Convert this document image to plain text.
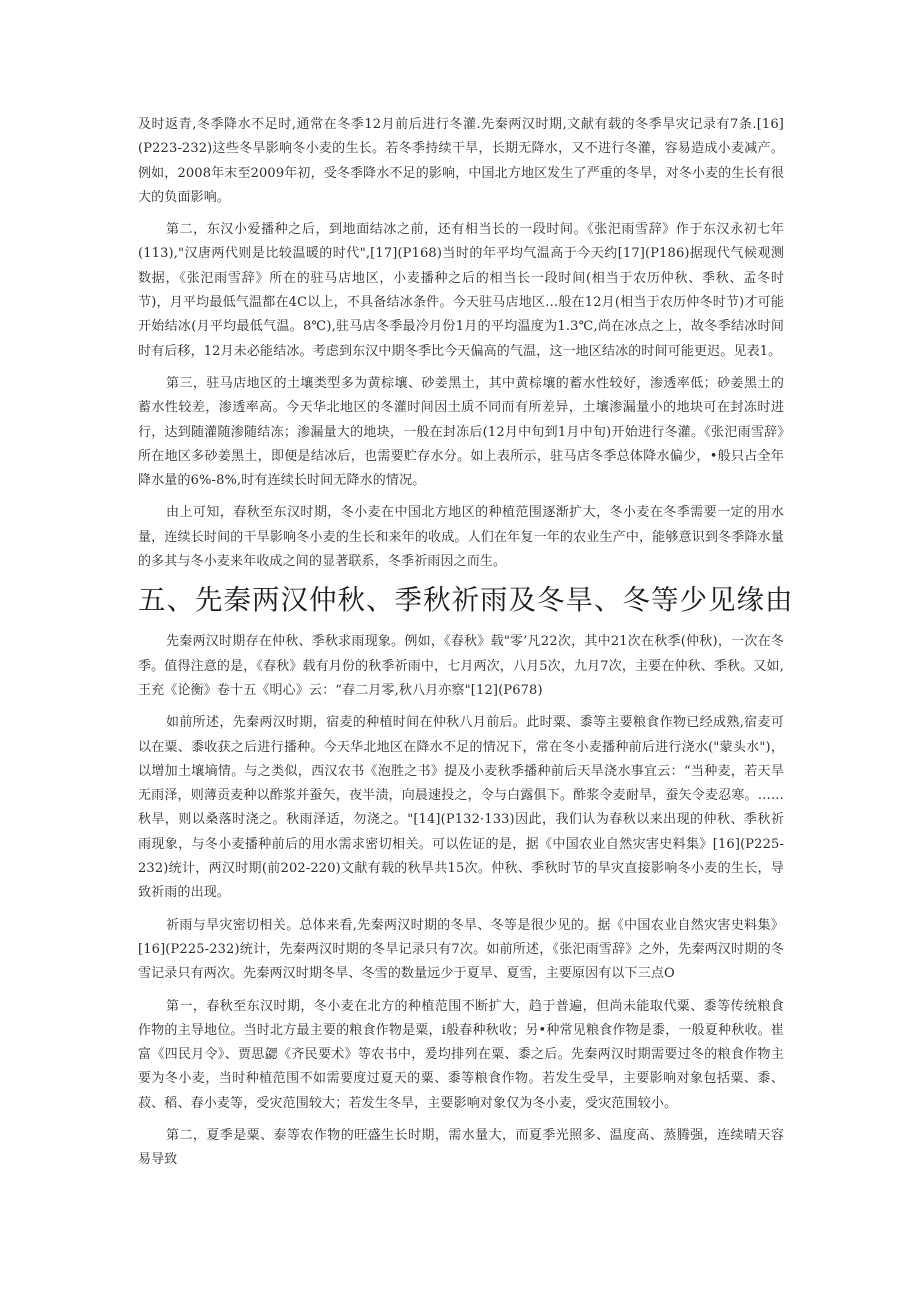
及时返青,冬季降水不足时,通常在冬季12月前后进行冬灌.先秦两汉时期,文献有载的冬季旱灾记录有7条.[16](P223-232)这些冬旱影响冬小麦的生长。若冬季持续干旱，长期无降水，又不进行冬灌，容易造成小麦减产。例如，2008年末至2009年初，受冬季降水不足的影响，中国北方地区发生了严重的冬旱，对冬小麦的生长有很大的负面影响。

第二，东汉小爱播种之后，到地面结冰之前，还有相当长的一段时间。《张汜雨雪辞》作于东汉永初七年(113),"汉唐两代则是比较温暖的时代",[17](P168)当时的年平均气温高于今天约[17](P186)据现代气候观测数据，《张汜雨雪辞》所在的驻马店地区，小麦播种之后的相当长一段时间(相当于农历仲秋、季秋、孟冬时节)，月平均最低气温都在4C以上，不具备结冰条件。今天驻马店地区…般在12月(相当于农历仲冬时节)才可能开始结冰(月平均最低气温。8℃),驻马店冬季最冷月份1月的平均温度为1.3℃,尚在冰点之上，故冬季结冰时间时有后移，12月未必能结冰。考虑到东汉中期冬季比今天偏高的气温，这一地区结冰的时间可能更迟。见表1。

第三，驻马店地区的土壤类型多为黄棕壤、砂姜黑土，其中黄棕壤的蓄水性较好，渗透率低；砂姜黑土的蓄水性较差，渗透率高。今天华北地区的冬灌时间因土质不同而有所差异，土壤渗漏量小的地块可在封冻时进行，达到随灌随渗随结冻；渗漏量大的地块，一般在封冻后(12月中旬到1月中旬)开始进行冬灌。《张汜雨雪辞》所在地区多砂姜黑土，即便是结冰后，也需要贮存水分。如上表所示，驻马店冬季总体降水偏少，•般只占全年降水量的6%-8%,时有连续长时间无降水的情况。

由上可知，春秋至东汉时期，冬小麦在中国北方地区的种植范围逐渐扩大，冬小麦在冬季需要一定的用水量，连续长时间的干旱影响冬小麦的生长和来年的收成。人们在年复一年的农业生产中，能够意识到冬季降水量的多其与冬小麦来年收成之间的显著联系，冬季祈雨因之而生。

五、先秦两汉仲秋、季秋祈雨及冬旱、冬等少见缘由

先秦两汉时期存在仲秋、季秋求雨现象。例如，《春秋》载"零’凡22次，其中21次在秋季(仲秋)，一次在冬季。值得注意的是，《春秋》载有月份的秋季祈雨中，七月两次，八月5次，九月7次，主要在仲秋、季秋。又如,王充《论衡》卷十五《明心》云：“春二月零,秋八月亦察"[12](P678)

如前所述，先秦两汉时期，宿麦的种植时间在仲秋八月前后。此时粟、黍等主要粮食作物已经成熟,宿麦可以在粟、黍收获之后进行播种。今天华北地区在降水不足的情况下，常在冬小麦播种前后进行浇水("蒙头水")，以增加土壤墒情。与之类似，西汉农书《泡胜之书》提及小麦秋季播种前后天旱浇水事宜云：“当种麦，若天旱无雨泽，则薄贡麦种以酢浆并蚕矢，夜半渍，向晨速投之，令与白露俱下。酢浆令麦耐旱，蚕矢令麦忍寒。……秋旱，则以桑落时浇之。秋雨泽适，勿浇之。"[14](P132·133)因此，我们认为春秋以来出现的仲秋、季秋祈雨现象，与冬小麦播种前后的用水需求密切相关。可以佐证的是，据《中国农业自然灾害史料集》[16](P225-232)统计，两汉时期(前202-220)文献有载的秋旱共15次。仲秋、季秋时节的旱灾直接影响冬小麦的生长，导致祈雨的出现。

祈雨与旱灾密切相关。总体来看,先秦两汉时期的冬旱、冬等是很少见的。据《中国农业自然灾害史料集》[16](P225-232)统计，先秦两汉时期的冬旱记录只有7次。如前所述，《张汜雨雪辞》之外，先秦两汉时期的冬雪记录只有两次。先秦两汉时期冬旱、冬雪的数量远少于夏旱、夏雪，主要原因有以下三点O

第一，春秋至东汉时期，冬小麦在北方的种植范围不断扩大，趋于普遍，但尚未能取代粟、黍等传统粮食作物的主导地位。当时北方最主要的粮食作物是粟，i般春种秋收；另•种常见粮食作物是黍，一般夏种秋收。崔富《四民月令》、贾思勰《齐民要术》等农书中，爰均排列在粟、黍之后。先秦两汉时期需要过冬的粮食作物主要为冬小麦，当时种植范围不如需要度过夏天的粟、黍等粮食作物。若发生受旱，主要影响对象包括粟、黍、菽、稻、春小麦等，受灾范围较大；若发生冬旱，主要影响对象仅为冬小麦，受灾范围较小。

第二，夏季是粟、泰等农作物的旺盛生长时期，需水量大，而夏季光照多、温度高、蒸腾强，连续晴天容易导致
